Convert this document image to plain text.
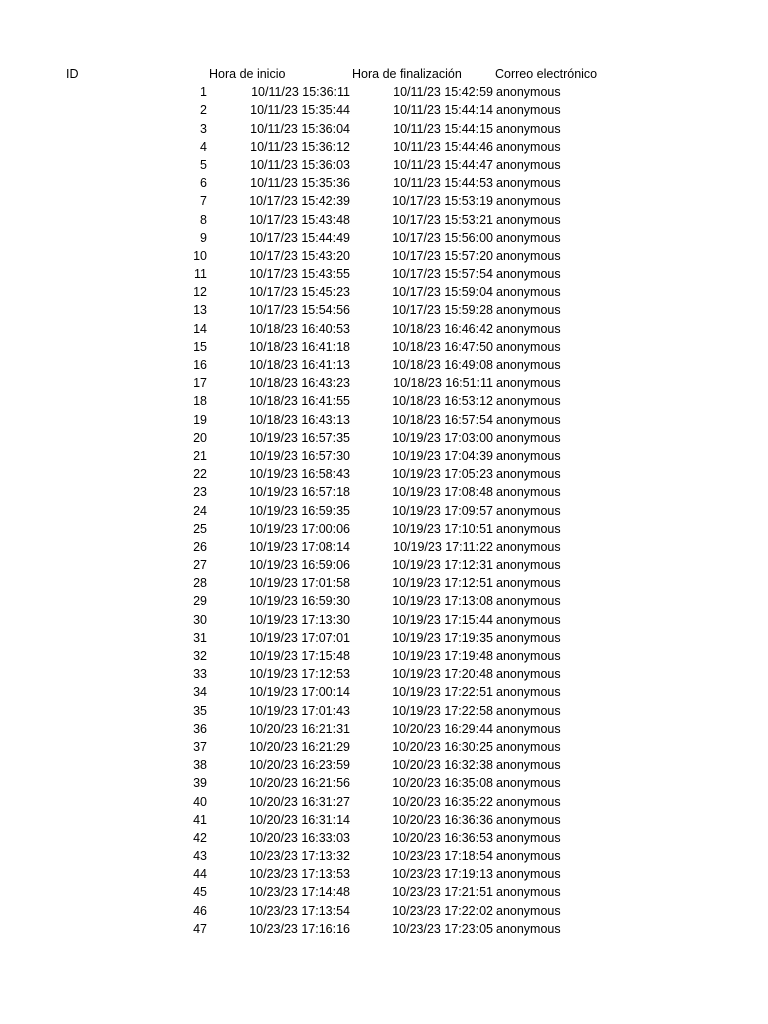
ID	Hora de inicio	Hora de finalización	Correo electrónico
1	10/11/23 15:36:11	10/11/23 15:42:59 anonymous
2	10/11/23 15:35:44	10/11/23 15:44:14 anonymous
3	10/11/23 15:36:04	10/11/23 15:44:15 anonymous
4	10/11/23 15:36:12	10/11/23 15:44:46 anonymous
5	10/11/23 15:36:03	10/11/23 15:44:47 anonymous
6	10/11/23 15:35:36	10/11/23 15:44:53 anonymous
7	10/17/23 15:42:39	10/17/23 15:53:19 anonymous
8	10/17/23 15:43:48	10/17/23 15:53:21 anonymous
9	10/17/23 15:44:49	10/17/23 15:56:00 anonymous
10	10/17/23 15:43:20	10/17/23 15:57:20 anonymous
11	10/17/23 15:43:55	10/17/23 15:57:54 anonymous
12	10/17/23 15:45:23	10/17/23 15:59:04 anonymous
13	10/17/23 15:54:56	10/17/23 15:59:28 anonymous
14	10/18/23 16:40:53	10/18/23 16:46:42 anonymous
15	10/18/23 16:41:18	10/18/23 16:47:50 anonymous
16	10/18/23 16:41:13	10/18/23 16:49:08 anonymous
17	10/18/23 16:43:23	10/18/23 16:51:11 anonymous
18	10/18/23 16:41:55	10/18/23 16:53:12 anonymous
19	10/18/23 16:43:13	10/18/23 16:57:54 anonymous
20	10/19/23 16:57:35	10/19/23 17:03:00 anonymous
21	10/19/23 16:57:30	10/19/23 17:04:39 anonymous
22	10/19/23 16:58:43	10/19/23 17:05:23 anonymous
23	10/19/23 16:57:18	10/19/23 17:08:48 anonymous
24	10/19/23 16:59:35	10/19/23 17:09:57 anonymous
25	10/19/23 17:00:06	10/19/23 17:10:51 anonymous
26	10/19/23 17:08:14	10/19/23 17:11:22 anonymous
27	10/19/23 16:59:06	10/19/23 17:12:31 anonymous
28	10/19/23 17:01:58	10/19/23 17:12:51 anonymous
29	10/19/23 16:59:30	10/19/23 17:13:08 anonymous
30	10/19/23 17:13:30	10/19/23 17:15:44 anonymous
31	10/19/23 17:07:01	10/19/23 17:19:35 anonymous
32	10/19/23 17:15:48	10/19/23 17:19:48 anonymous
33	10/19/23 17:12:53	10/19/23 17:20:48 anonymous
34	10/19/23 17:00:14	10/19/23 17:22:51 anonymous
35	10/19/23 17:01:43	10/19/23 17:22:58 anonymous
36	10/20/23 16:21:31	10/20/23 16:29:44 anonymous
37	10/20/23 16:21:29	10/20/23 16:30:25 anonymous
38	10/20/23 16:23:59	10/20/23 16:32:38 anonymous
39	10/20/23 16:21:56	10/20/23 16:35:08 anonymous
40	10/20/23 16:31:27	10/20/23 16:35:22 anonymous
41	10/20/23 16:31:14	10/20/23 16:36:36 anonymous
42	10/20/23 16:33:03	10/20/23 16:36:53 anonymous
43	10/23/23 17:13:32	10/23/23 17:18:54 anonymous
44	10/23/23 17:13:53	10/23/23 17:19:13 anonymous
45	10/23/23 17:14:48	10/23/23 17:21:51 anonymous
46	10/23/23 17:13:54	10/23/23 17:22:02 anonymous
47	10/23/23 17:16:16	10/23/23 17:23:05 anonymous
